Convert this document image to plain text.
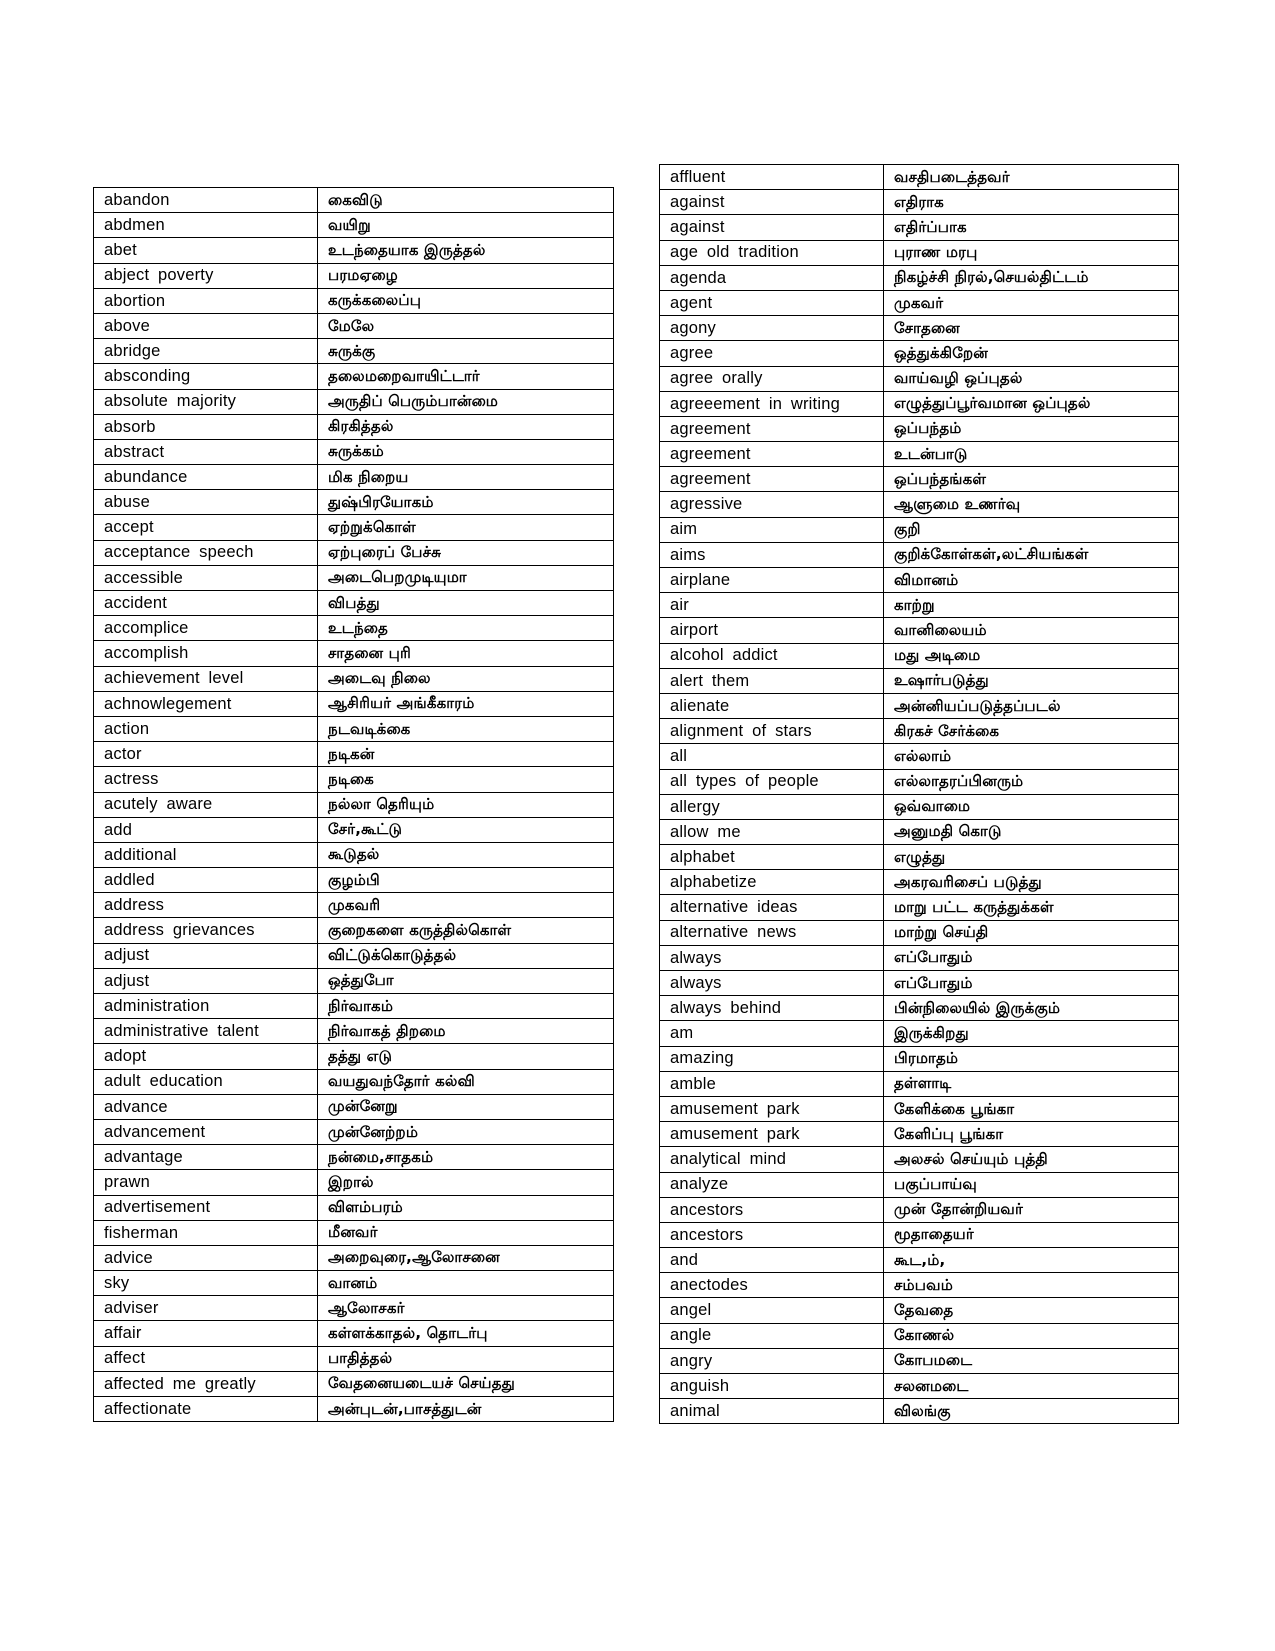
abandon	கைவிடு
abdmen	வயிறு
abet	உடந்தையாக இருத்தல்
abject poverty	பரமஏழை
abortion	கருக்கலைப்பு
above	மேலே
abridge	சுருக்கு
absconding	தலைமறைவாயிட்டார்
absolute majority	அருதிப் பெரும்பான்மை
absorb	கிரகித்தல்
abstract	சுருக்கம்
abundance	மிக நிறைய
abuse	துஷ்பிரயோகம்
accept	ஏற்றுக்கொள்
acceptance speech	ஏற்புரைப் பேச்சு
accessible	அடைபெறமுடியுமா
accident	விபத்து
accomplice	உடந்தை
accomplish	சாதனை புரி
achievement level	அடைவு நிலை
achnowlegement	ஆசிரியர் அங்கீகாரம்
action	நடவடிக்கை
actor	நடிகன்
actress	நடிகை
acutely aware	நல்லா தெரியும்
add	சேர்,கூட்டு
additional	கூடுதல்
addled	குழம்பி
address	முகவரி
address grievances	குறைகளை கருத்தில்கொள்
adjust	விட்டுக்கொடுத்தல்
adjust	ஒத்துபோ
administration	நிர்வாகம்
administrative talent	நிர்வாகத் திறமை
adopt	தத்து எடு
adult education	வயதுவந்தோர் கல்வி
advance	முன்னேறு
advancement	முன்னேற்றம்
advantage	நன்மை,சாதகம்
prawn	இறால்
advertisement	விளம்பரம்
fisherman	மீனவர்
advice	அறைவுரை,ஆலோசனை
sky	வானம்
adviser	ஆலோசகர்
affair	கள்ளக்காதல், தொடர்பு
affect	பாதித்தல்
affected me greatly	வேதனையடையச் செய்தது
affectionate	அன்புடன்,பாசத்துடன்
affluent	வசதிபடைத்தவர்
against	எதிராக
against	எதிர்ப்பாக
age old tradition	புராண மரபு
agenda	நிகழ்ச்சி நிரல்,செயல்திட்டம்
agent	முகவர்
agony	சோதனை
agree	ஒத்துக்கிறேன்
agree orally	வாய்வழி ஒப்புதல்
agreeement in writing	எழுத்துப்பூர்வமான ஒப்புதல்
agreement	ஒப்பந்தம்
agreement	உடன்பாடு
agreement	ஒப்பந்தங்கள்
agressive	ஆளுமை உணர்வு
aim	குறி
aims	குறிக்கோள்கள்,லட்சியங்கள்
airplane	விமானம்
air	காற்று
airport	வானிலையம்
alcohol addict	மது அடிமை
alert them	உஷார்படுத்து
alienate	அன்னியப்படுத்தப்படல்
alignment of stars	கிரகச் சேர்க்கை
all	எல்லாம்
all types of people	எல்லாதரப்பினரும்
allergy	ஒவ்வாமை
allow me	அனுமதி கொடு
alphabet	எழுத்து
alphabetize	அகரவரிசைப் படுத்து
alternative ideas	மாறு பட்ட கருத்துக்கள்
alternative news	மாற்று செய்தி
always	எப்போதும்
always	எப்போதும்
always behind	பின்நிலையில் இருக்கும்
am	இருக்கிறது
amazing	பிரமாதம்
amble	தள்ளாடி
amusement park	கேளிக்கை பூங்கா
amusement park	கேளிப்பு பூங்கா
analytical mind	அலசல் செய்யும் புத்தி
analyze	பகுப்பாய்வு
ancestors	முன் தோன்றியவர்
ancestors	மூதாதையர்
and	கூட,ம்,
anectodes	சம்பவம்
angel	தேவதை
angle	கோணல்
angry	கோபமடை
anguish	சலனமடை
animal	விலங்கு
